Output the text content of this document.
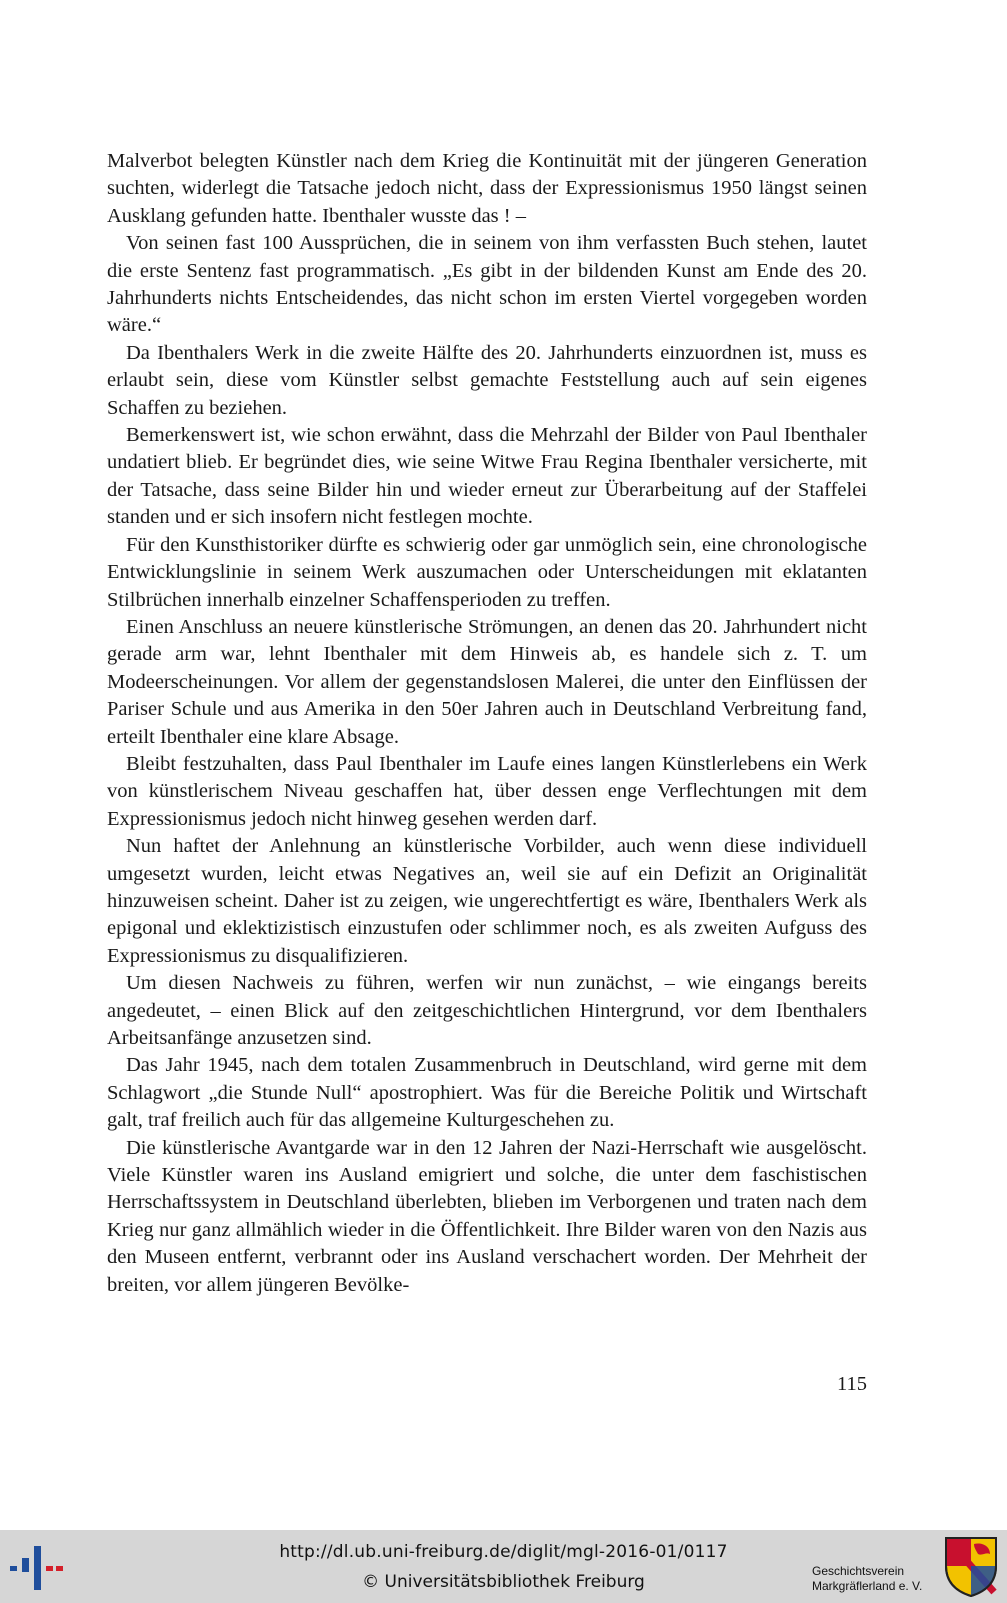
Malverbot belegten Künstler nach dem Krieg die Kontinuität mit der jüngeren Generation suchten, widerlegt die Tatsache jedoch nicht, dass der Expressionismus 1950 längst seinen Ausklang gefunden hatte. Ibenthaler wusste das ! –

Von seinen fast 100 Aussprüchen, die in seinem von ihm verfassten Buch stehen, lautet die erste Sentenz fast programmatisch. „Es gibt in der bildenden Kunst am Ende des 20. Jahrhunderts nichts Entscheidendes, das nicht schon im ersten Viertel vorgegeben worden wäre.“

Da Ibenthalers Werk in die zweite Hälfte des 20. Jahrhunderts einzuordnen ist, muss es erlaubt sein, diese vom Künstler selbst gemachte Feststellung auch auf sein eigenes Schaffen zu beziehen.

Bemerkenswert ist, wie schon erwähnt, dass die Mehrzahl der Bilder von Paul Ibenthaler undatiert blieb. Er begründet dies, wie seine Witwe Frau Regina Ibenthaler versicherte, mit der Tatsache, dass seine Bilder hin und wieder erneut zur Überarbeitung auf der Staffelei standen und er sich insofern nicht festlegen mochte.

Für den Kunsthistoriker dürfte es schwierig oder gar unmöglich sein, eine chronologische Entwicklungslinie in seinem Werk auszumachen oder Unterscheidungen mit eklatanten Stilbrüchen innerhalb einzelner Schaffensperioden zu treffen.

Einen Anschluss an neuere künstlerische Strömungen, an denen das 20. Jahrhundert nicht gerade arm war, lehnt Ibenthaler mit dem Hinweis ab, es handele sich z. T. um Modeerscheinungen. Vor allem der gegenstandslosen Malerei, die unter den Einflüssen der Pariser Schule und aus Amerika in den 50er Jahren auch in Deutschland Verbreitung fand, erteilt Ibenthaler eine klare Absage.

Bleibt festzuhalten, dass Paul Ibenthaler im Laufe eines langen Künstlerlebens ein Werk von künstlerischem Niveau geschaffen hat, über dessen enge Verflechtungen mit dem Expressionismus jedoch nicht hinweg gesehen werden darf.

Nun haftet der Anlehnung an künstlerische Vorbilder, auch wenn diese individuell umgesetzt wurden, leicht etwas Negatives an, weil sie auf ein Defizit an Originalität hinzuweisen scheint. Daher ist zu zeigen, wie ungerechtfertigt es wäre, Ibenthalers Werk als epigonal und eklektizistisch einzustufen oder schlimmer noch, es als zweiten Aufguss des Expressionismus zu disqualifizieren.

Um diesen Nachweis zu führen, werfen wir nun zunächst, – wie eingangs bereits angedeutet, – einen Blick auf den zeitgeschichtlichen Hintergrund, vor dem Ibenthalers Arbeitsanfänge anzusetzen sind.

Das Jahr 1945, nach dem totalen Zusammenbruch in Deutschland, wird gerne mit dem Schlagwort „die Stunde Null“ apostrophiert. Was für die Bereiche Politik und Wirtschaft galt, traf freilich auch für das allgemeine Kulturgeschehen zu.

Die künstlerische Avantgarde war in den 12 Jahren der Nazi-Herrschaft wie ausgelöscht. Viele Künstler waren ins Ausland emigriert und solche, die unter dem faschistischen Herrschaftssystem in Deutschland überlebten, blieben im Verborgenen und traten nach dem Krieg nur ganz allmählich wieder in die Öffentlichkeit. Ihre Bilder waren von den Nazis aus den Museen entfernt, verbrannt oder ins Ausland verschachert worden. Der Mehrheit der breiten, vor allem jüngeren Bevölke-

115
http://dl.ub.uni-freiburg.de/diglit/mgl-2016-01/0117
© Universitätsbibliothek Freiburg
Geschichtsverein
Markgräflerland e. V.
